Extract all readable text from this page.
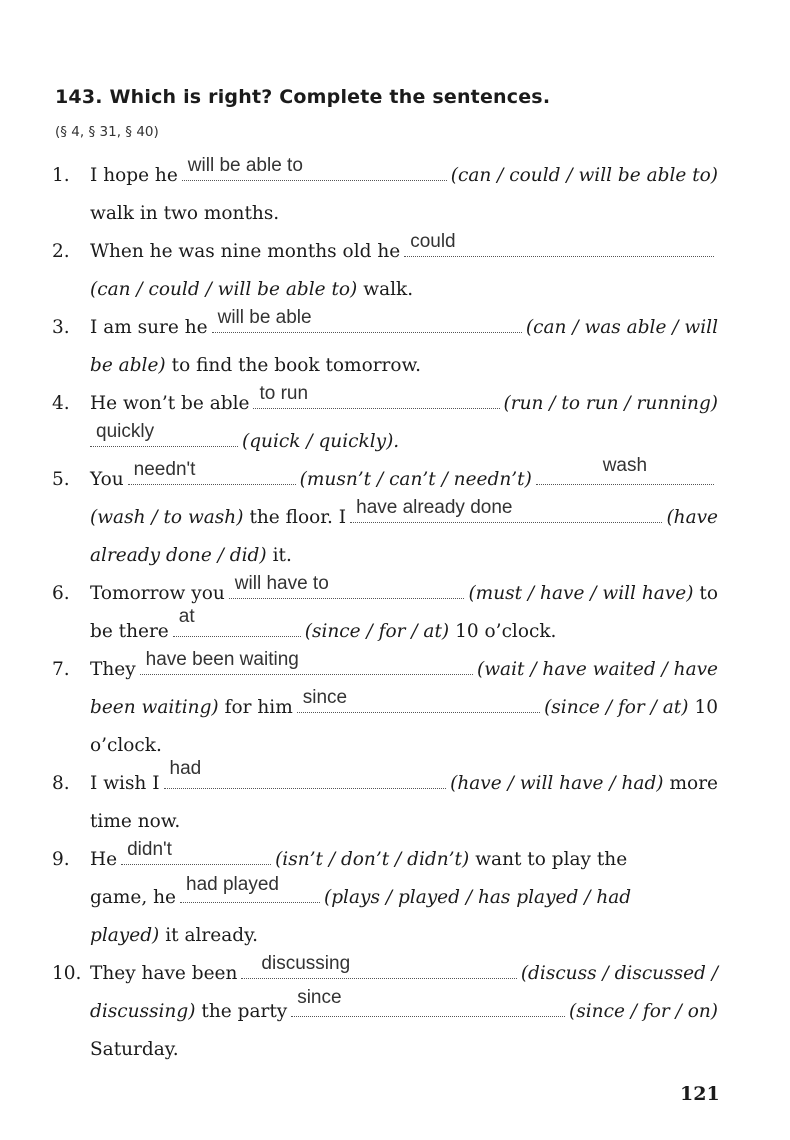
143. Which is right? Complete the sentences.
(§ 4, § 31, § 40)
1.	I hope he will be able to	(can / could / will be able to)
walk in two months.
2.	When he was nine months old he could
(can / could / will be able to) walk.
3.	I am sure he will be able	(can / was able / will
be able) to find the book tomorrow.
4.	He won’t be able to run	(run / to run / running)
quickly	(quick / quickly).
5.	You needn't	(musn’t / can’t / needn’t)
wash
(wash / to wash) the floor. I have already done	(have
already done / did) it.
6.	Tomorrow you will have to	(must / have / will have) to
be there
at
(since / for / at) 10 o’clock.
7.	They have been waiting	(wait / have waited / have
been waiting) for him since	(since / for / at) 10
o’clock.
8.	I wish I
had
(have / will have / had) more
time now.
9.	He didn't	(isn’t / don’t / didn’t) want to play the
game, he
had played
(plays / played / has played / had
played) it already.
10. They have been discussing	(discuss / discussed /
discussing) the party
since
(since / for / on)
Saturday.
121
